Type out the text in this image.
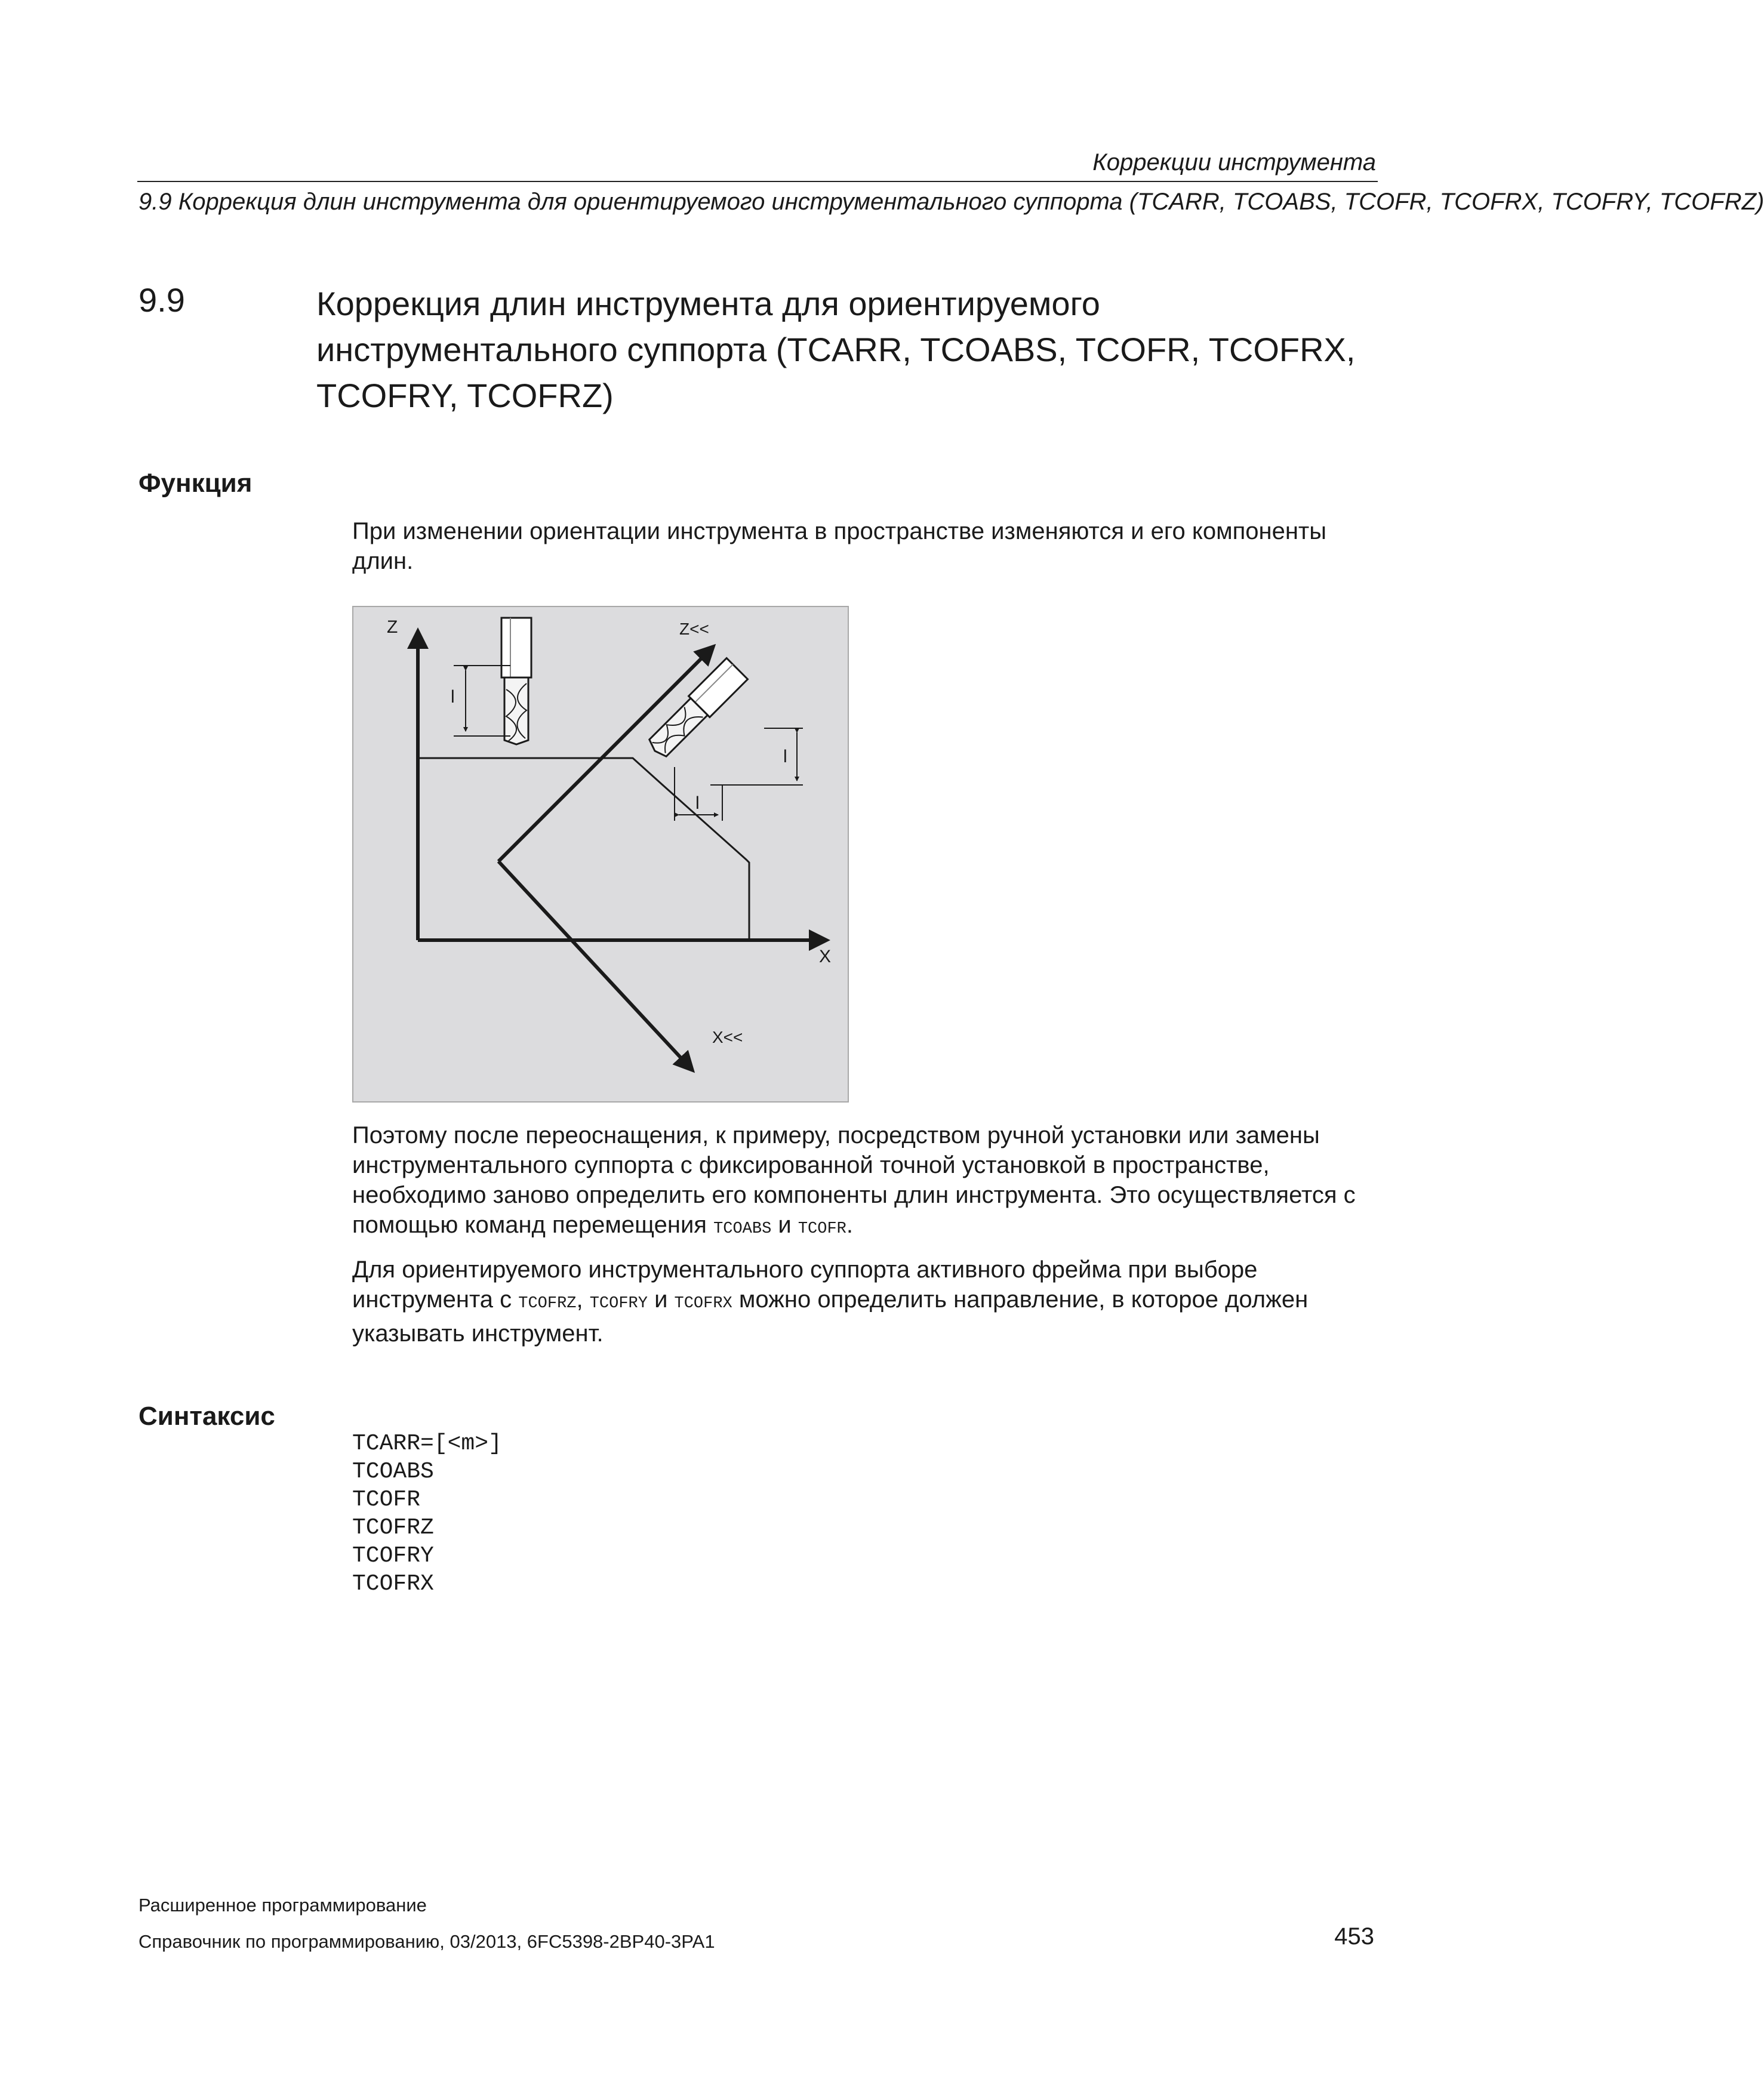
Коррекции инструмента
9.9 Коррекция длин инструмента для ориентируемого инструментального суппорта (TCARR, TCOABS, TCOFR, TCOFRX, TCOFRY, TCOFRZ)
9.9	Коррекция длин инструмента для ориентируемого инструментального суппорта (TCARR, TCOABS, TCOFR, TCOFRX, TCOFRY, TCOFRZ)
Функция
При изменении ориентации инструмента в пространстве изменяются и его компоненты длин.
Z	Z<<
X
X<<
l
l
l
Поэтому после переоснащения, к примеру, посредством ручной установки или замены инструментального суппорта с фиксированной точной установкой в пространстве, необходимо заново определить его компоненты длин инструмента. Это осуществляется с помощью команд перемещения TCOABS и TCOFR.
Для ориентируемого инструментального суппорта активного фрейма при выборе инструмента с TCOFRZ, TCOFRY и TCOFRX можно определить направление, в которое должен указывать инструмент.
Синтаксис
TCARR=[<m>]
TCOABS
TCOFR
TCOFRZ
TCOFRY
TCOFRX
Расширенное программирование
Справочник по программированию, 03/2013, 6FC5398-2BP40-3PA1	453
